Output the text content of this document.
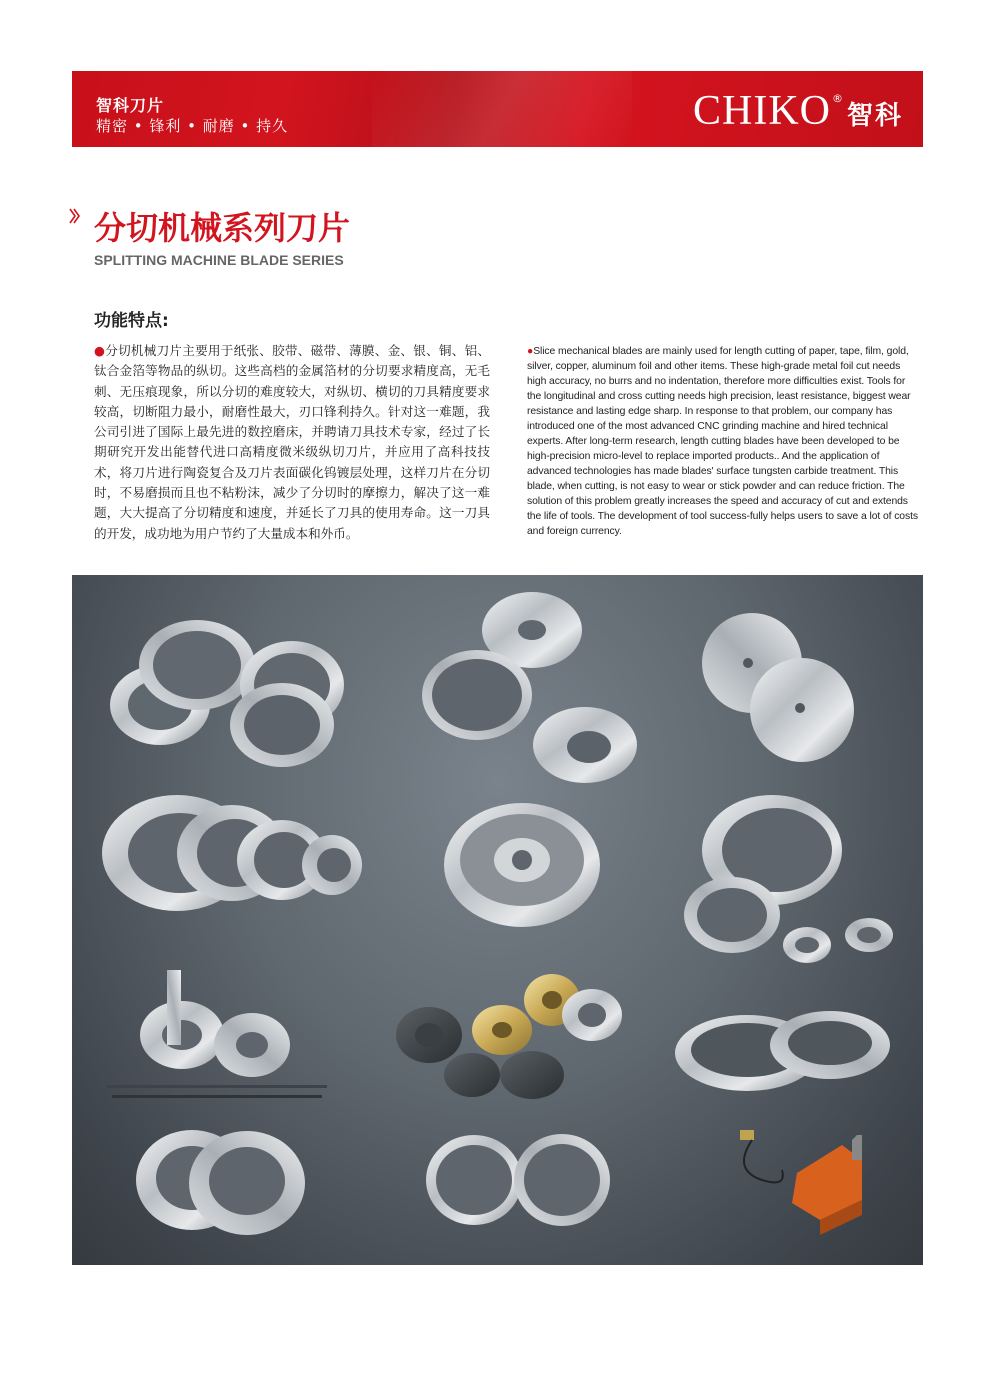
智科刀片
精密 • 锋利 • 耐磨 • 持久	CHIKO ®
智科
分切机械系列刀片
SPLITTING MACHINE BLADE SERIES
功能特点:

●分切机械刀片主要用于纸张、胶带、磁带、薄膜、金、银、铜、铝、钛合金箔等物品的纵切。这些高档的金属箔材的分切要求精度高，无毛刺、无压痕现象，所以分切的难度较大，对纵切、横切的刀具精度要求较高，切断阻力最小，耐磨性最大，刃口锋利持久。针对这一难题，我公司引进了国际上最先进的数控磨床，并聘请刀具技术专家，经过了长期研究开发出能替代进口高精度微米级纵切刀片，并应用了高科技技术，将刀片进行陶瓷复合及刀片表面碳化钨镀层处理，这样刀片在分切时，不易磨损而且也不粘粉沫，减少了分切时的摩擦力，解决了这一难题，大大提高了分切精度和速度，并延长了刀具的使用寿命。这一刀具的开发，成功地为用户节约了大量成本和外币。

●Slice mechanical blades are mainly used for length cutting of paper, tape, film, gold, silver, copper, aluminum foil and other items. These high-grade metal foil cut needs high accuracy, no burrs and no indentation, therefore more difficulties exist. Tools for the longitudinal and cross cutting needs high precision, least resistance, biggest wear resistance and lasting edge sharp. In response to that problem, our company has introduced one of the most advanced CNC grinding machine and hired technical experts. After long-term research, length cutting blades have been developed to be high-precision micro-level to replace imported products.. And the application of advanced technologies has made blades' surface tungsten carbide treatment. This blade, when cutting, is not easy to wear or stick powder and can reduce friction. The solution of this problem greatly increases the speed and accuracy of cut and extends the life of tools. The development of tool success-fully helps users to save a lot of costs and foreign currency.
